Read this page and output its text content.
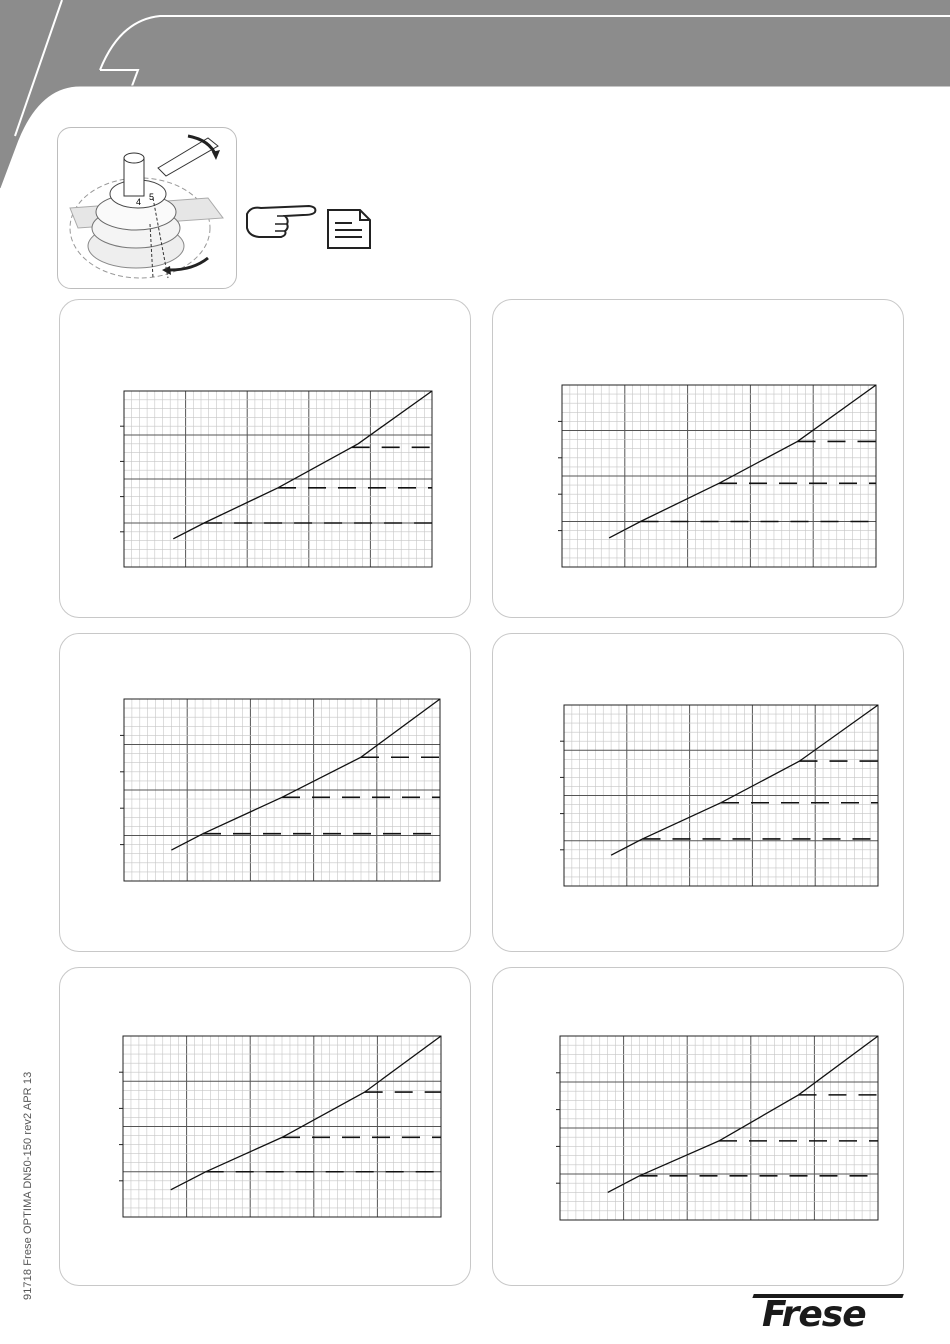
4 5
91718 Frese OPTIMA DN50-150 rev2 APR 13
Frese
